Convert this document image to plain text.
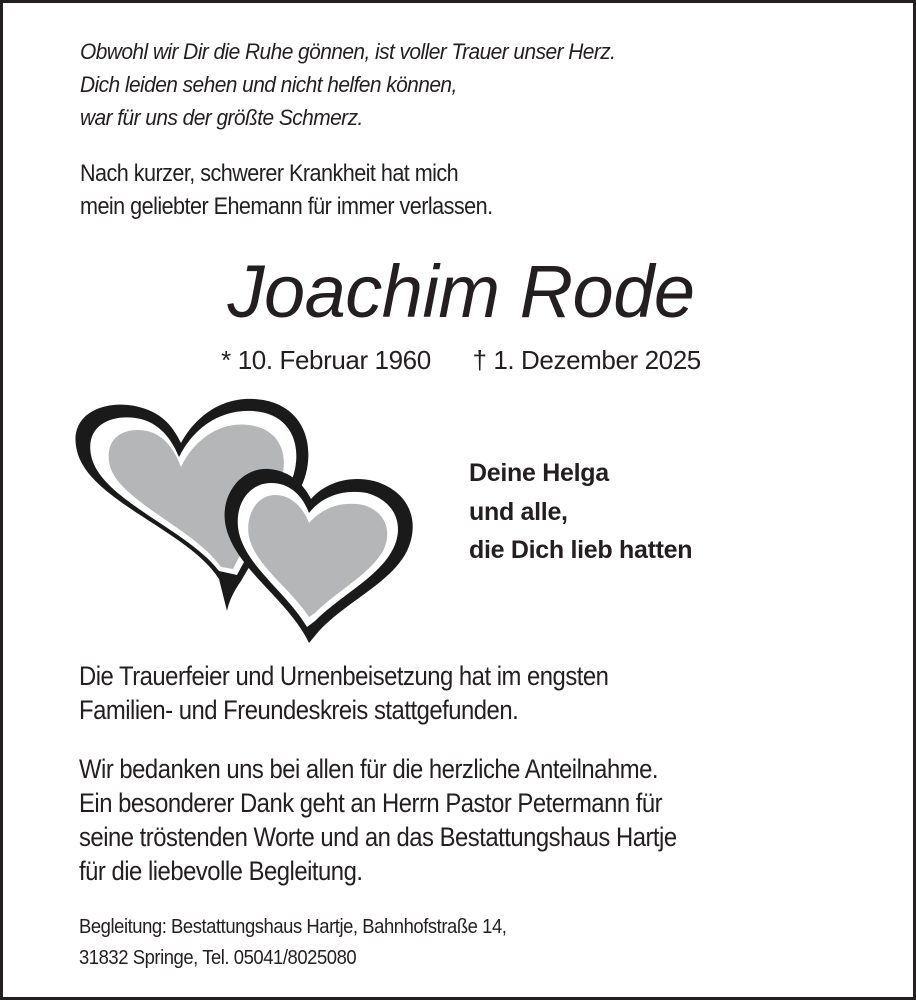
Obwohl wir Dir die Ruhe gönnen, ist voller Trauer unser Herz.
Dich leiden sehen und nicht helfen können,
war für uns der größte Schmerz.
Nach kurzer, schwerer Krankheit hat mich
mein geliebter Ehemann für immer verlassen.
Joachim Rode
* 10. Februar 1960 † 1. Dezember 2025
Deine Helga
und alle,
die Dich lieb hatten
Die Trauerfeier und Urnenbeisetzung hat im engsten
Familien- und Freundeskreis stattgefunden.
Wir bedanken uns bei allen für die herzliche Anteilnahme.
Ein besonderer Dank geht an Herrn Pastor Petermann für
seine tröstenden Worte und an das Bestattungshaus Hartje
für die liebevolle Begleitung.
Begleitung: Bestattungshaus Hartje, Bahnhofstraße 14,
31832 Springe, Tel. 05041/8025080
